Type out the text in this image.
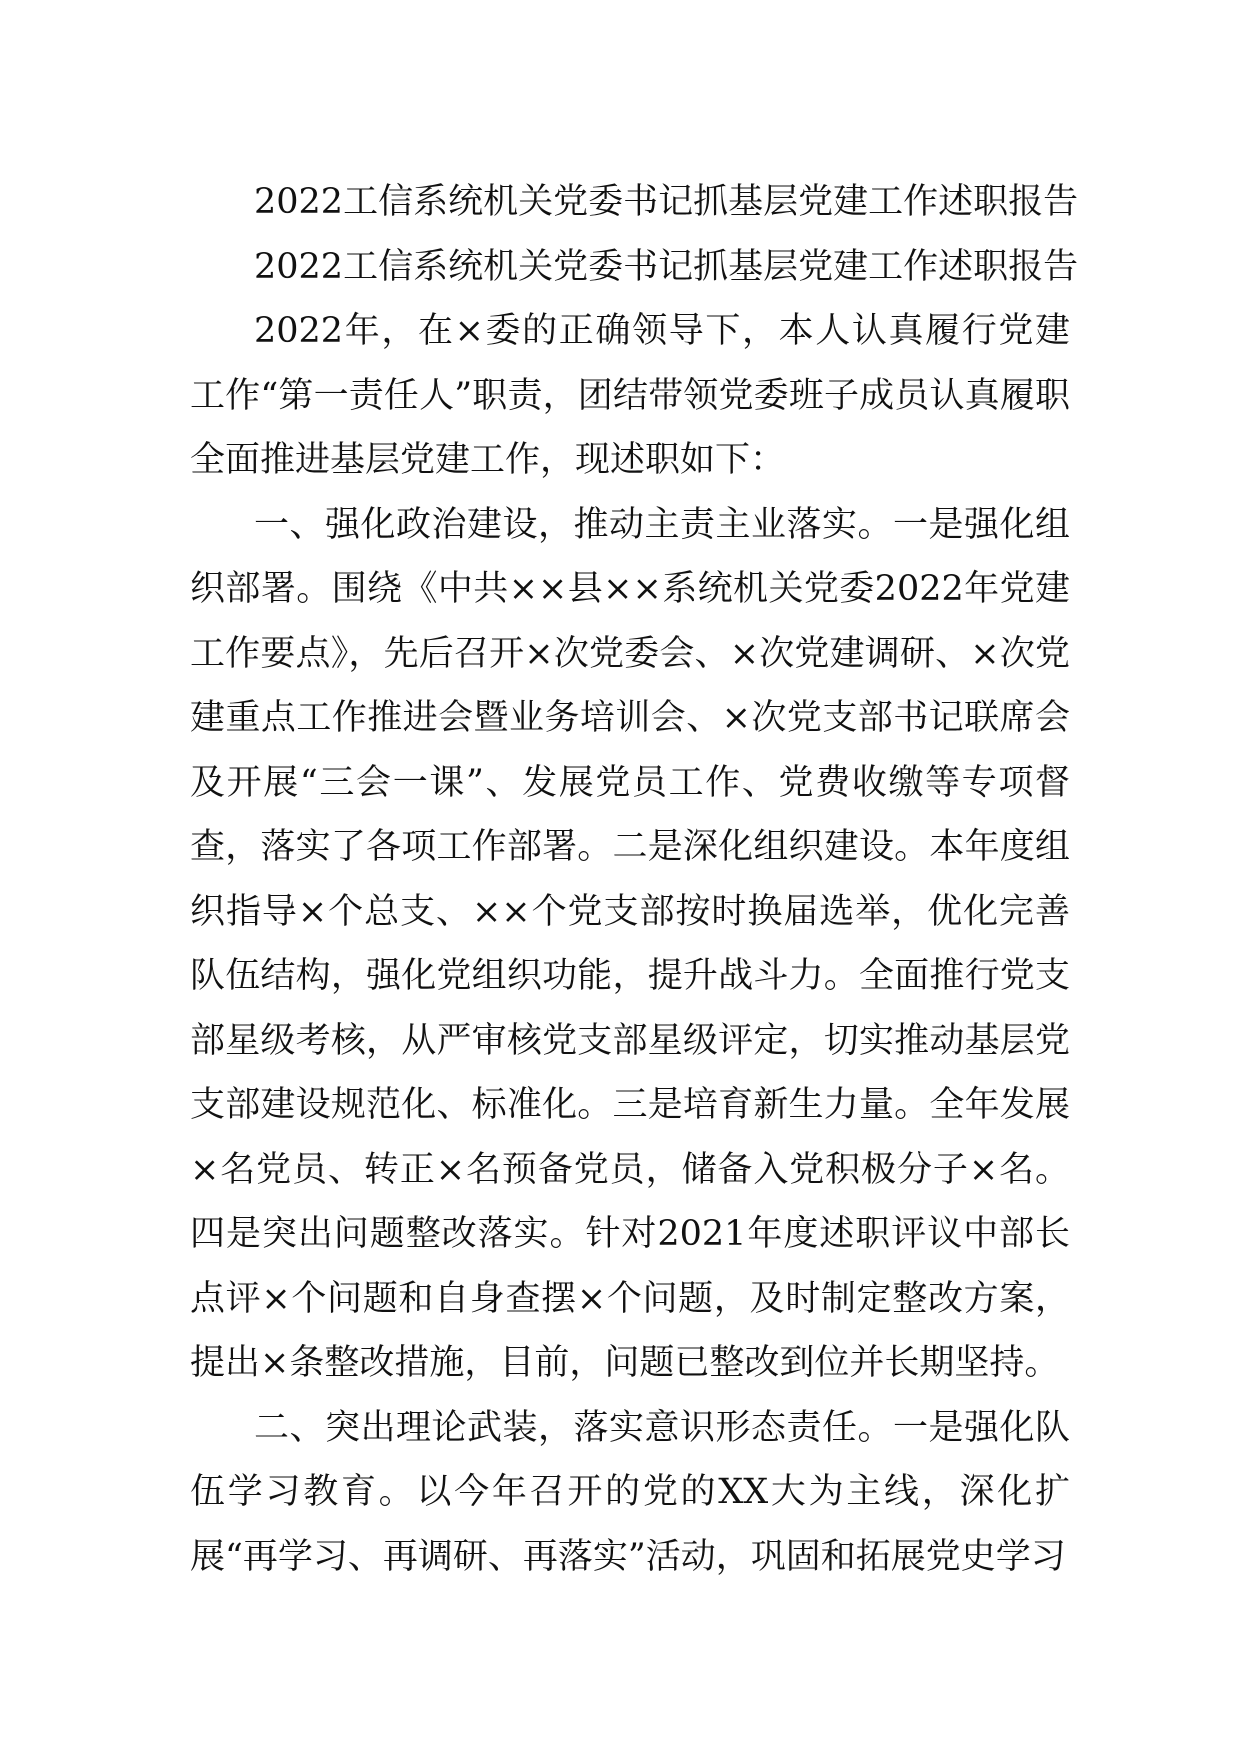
2022工信系统机关党委书记抓基层党建工作述职报告
2022工信系统机关党委书记抓基层党建工作述职报告

2022年，在×委的正确领导下，本人认真履行党建工作“第一责任人”职责，团结带领党委班子成员认真履职全面推进基层党建工作，现述职如下：

一、强化政治建设，推动主责主业落实。一是强化组织部署。围绕《中共××县××系统机关党委2022年党建工作要点》，先后召开×次党委会、×次党建调研、×次党建重点工作推进会暨业务培训会、×次党支部书记联席会及开展“三会一课”、发展党员工作、党费收缴等专项督查，落实了各项工作部署。二是深化组织建设。本年度组织指导×个总支、××个党支部按时换届选举，优化完善队伍结构，强化党组织功能，提升战斗力。全面推行党支部星级考核，从严审核党支部星级评定，切实推动基层党支部建设规范化、标准化。三是培育新生力量。全年发展×名党员、转正×名预备党员，储备入党积极分子×名。四是突出问题整改落实。针对2021年度述职评议中部长点评×个问题和自身查摆×个问题，及时制定整改方案，提出×条整改措施，目前，问题已整改到位并长期坚持。

二、突出理论武装，落实意识形态责任。一是强化队伍学习教育。以今年召开的党的XX大为主线，深化扩展“再学习、再调研、再落实”活动，巩固和拓展党史学习
